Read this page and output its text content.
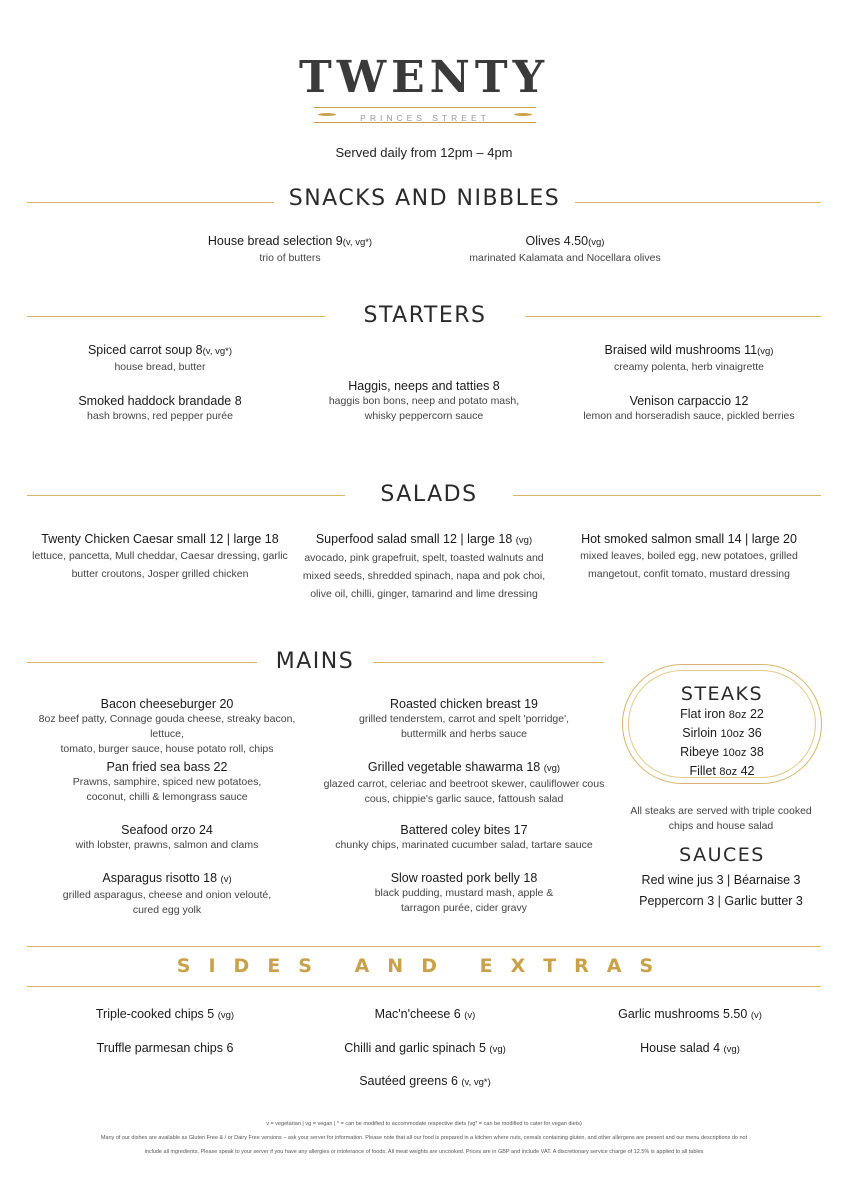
TWENTY
PRINCES STREET
Served daily from 12pm – 4pm
SNACKS AND NIBBLES
House bread selection 9(v, vg*)
trio of butters
Olives 4.50(vg)
marinated Kalamata and Nocellara olives
STARTERS
Spiced carrot soup 8(v, vg*)
house bread, butter
Smoked haddock brandade 8
hash browns, red pepper purée
Haggis, neeps and tatties 8
haggis bon bons, neep and potato mash,
whisky peppercorn sauce
Braised wild mushrooms 11(vg)
creamy polenta, herb vinaigrette
Venison carpaccio 12
lemon and horseradish sauce, pickled berries
SALADS
Twenty Chicken Caesar small 12 | large 18
lettuce, pancetta, Mull cheddar, Caesar dressing, garlic
butter croutons, Josper grilled chicken
Superfood salad small 12 | large 18 (vg)
avocado, pink grapefruit, spelt, toasted walnuts and
mixed seeds, shredded spinach, napa and pok choi,
olive oil, chilli, ginger, tamarind and lime dressing
Hot smoked salmon small 14 | large 20
mixed leaves, boiled egg, new potatoes, grilled
mangetout, confit tomato, mustard dressing
MAINS
Bacon cheeseburger 20
8oz beef patty, Connage gouda cheese, streaky bacon, lettuce,
tomato, burger sauce, house potato roll, chips
Pan fried sea bass 22
Prawns, samphire, spiced new potatoes,
coconut, chilli & lemongrass sauce
Seafood orzo 24
with lobster, prawns, salmon and clams
Asparagus risotto 18 (v)
grilled asparagus, cheese and onion velouté,
cured egg yolk
Roasted chicken breast 19
grilled tenderstem, carrot and spelt 'porridge',
buttermilk and herbs sauce
Grilled vegetable shawarma 18 (vg)
glazed carrot, celeriac and beetroot skewer, cauliflower cous
cous, chippie's garlic sauce, fattoush salad
Battered coley bites 17
chunky chips, marinated cucumber salad, tartare sauce
Slow roasted pork belly 18
black pudding, mustard mash, apple &
tarragon purée, cider gravy
STEAKS
Flat iron 8oz 22
Sirloin 10oz 36
Ribeye 10oz 38
Fillet 8oz 42
All steaks are served with triple cooked
chips and house salad
SAUCES
Red wine jus 3 | Béarnaise 3
Peppercorn 3 | Garlic butter 3
SIDES AND EXTRAS
Triple-cooked chips 5 (vg)	Mac'n'cheese 6 (v)	Garlic mushrooms 5.50 (v)
Truffle parmesan chips 6	Chilli and garlic spinach 5 (vg)	House salad 4 (vg)
Sautéed greens 6 (v, vg*)
v = vegetarian | vg = vegan | * = can be modified to accommodate respective diets (vg* = can be modified to cater for vegan diets)
Many of our dishes are available as Gluten Free & / or Dairy Free versions – ask your server for information. Please note that all our food is prepared in a kitchen where nuts, cereals containing gluten, and other allergens are present and our menu descriptions do not
include all ingredients. Please speak to your server if you have any allergies or intolerance of foods. All meat weights are uncooked. Prices are in GBP and include VAT. A discretionary service charge of 12.5% is applied to all tables
